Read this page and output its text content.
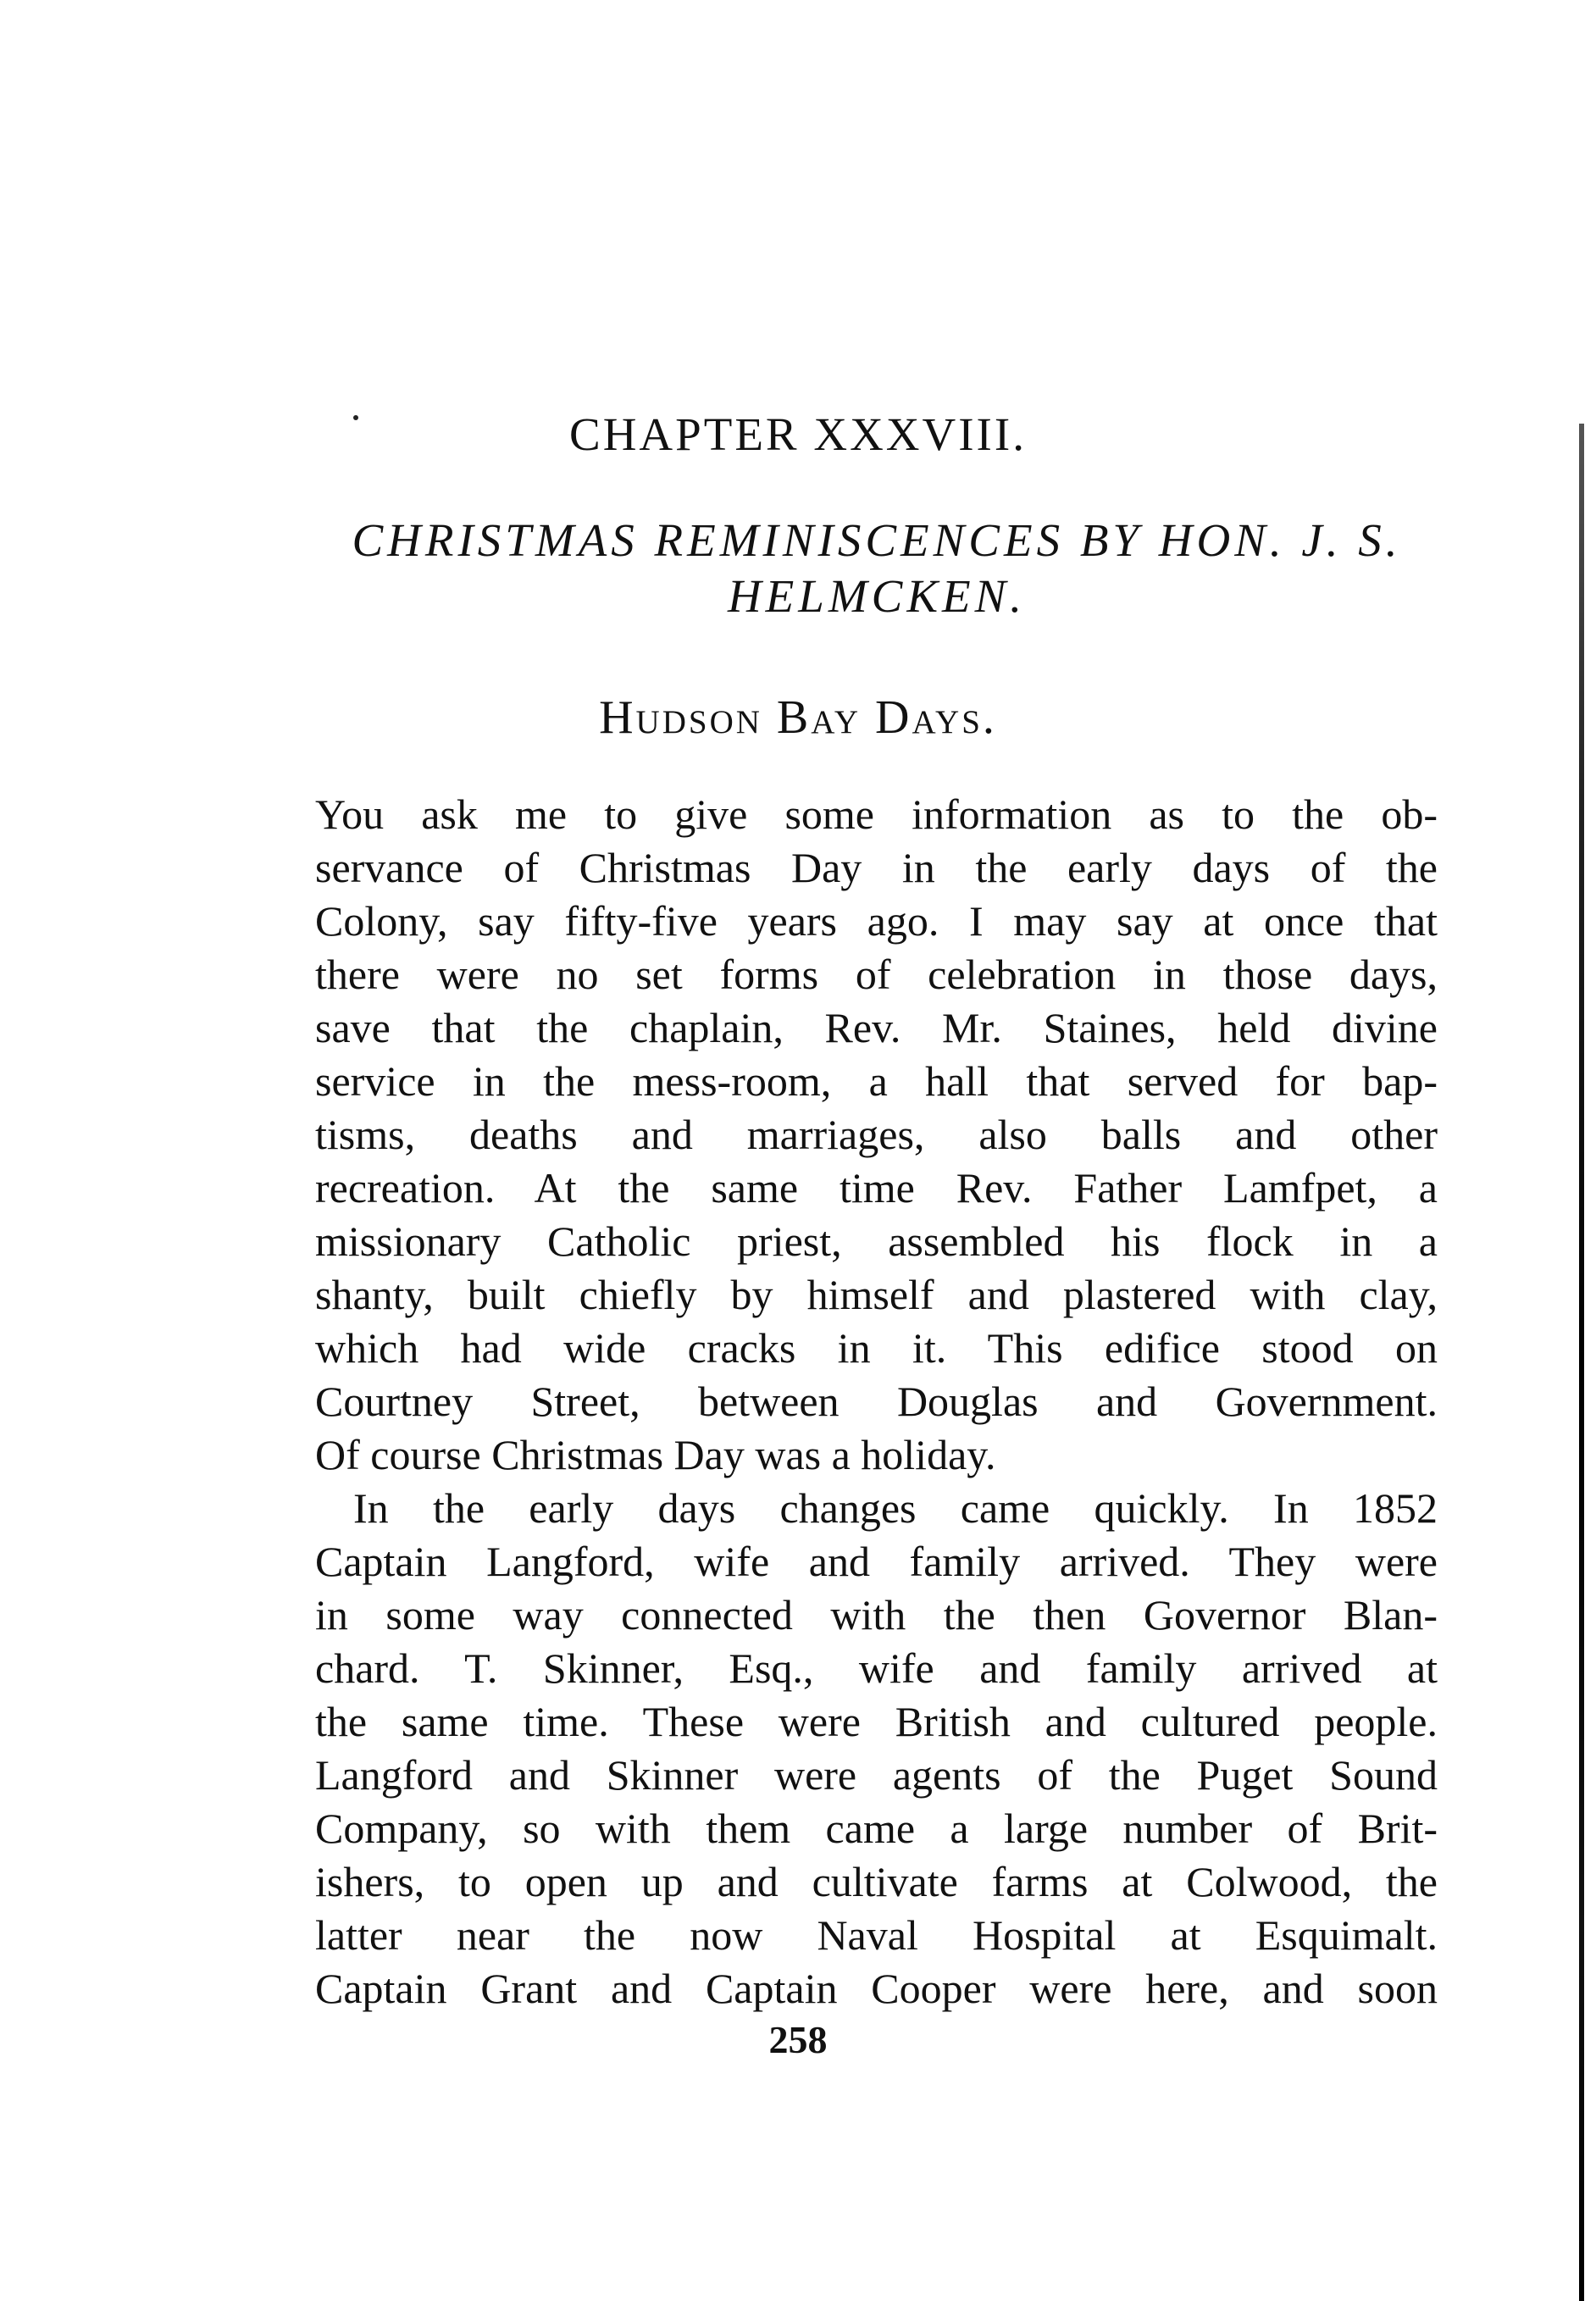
CHAPTER XXXVIII.
CHRISTMAS REMINISCENCES BY HON. J. S. HELMCKEN.
Hudson Bay Days.
You ask me to give some information as to the ob-
servance of Christmas Day in the early days of the
Colony, say fifty-five years ago. I may say at once that
there were no set forms of celebration in those days,
save that the chaplain, Rev. Mr. Staines, held divine
service in the mess-room, a hall that served for bap-
tisms, deaths and marriages, also balls and other
recreation. At the same time Rev. Father Lamfpet, a
missionary Catholic priest, assembled his flock in a
shanty, built chiefly by himself and plastered with clay,
which had wide cracks in it. This edifice stood on
Courtney Street, between Douglas and Government.
Of course Christmas Day was a holiday.
In the early days changes came quickly. In 1852
Captain Langford, wife and family arrived. They were
in some way connected with the then Governor Blan-
chard. T. Skinner, Esq., wife and family arrived at
the same time. These were British and cultured people.
Langford and Skinner were agents of the Puget Sound
Company, so with them came a large number of Brit-
ishers, to open up and cultivate farms at Colwood, the
latter near the now Naval Hospital at Esquimalt.
Captain Grant and Captain Cooper were here, and soon
258
